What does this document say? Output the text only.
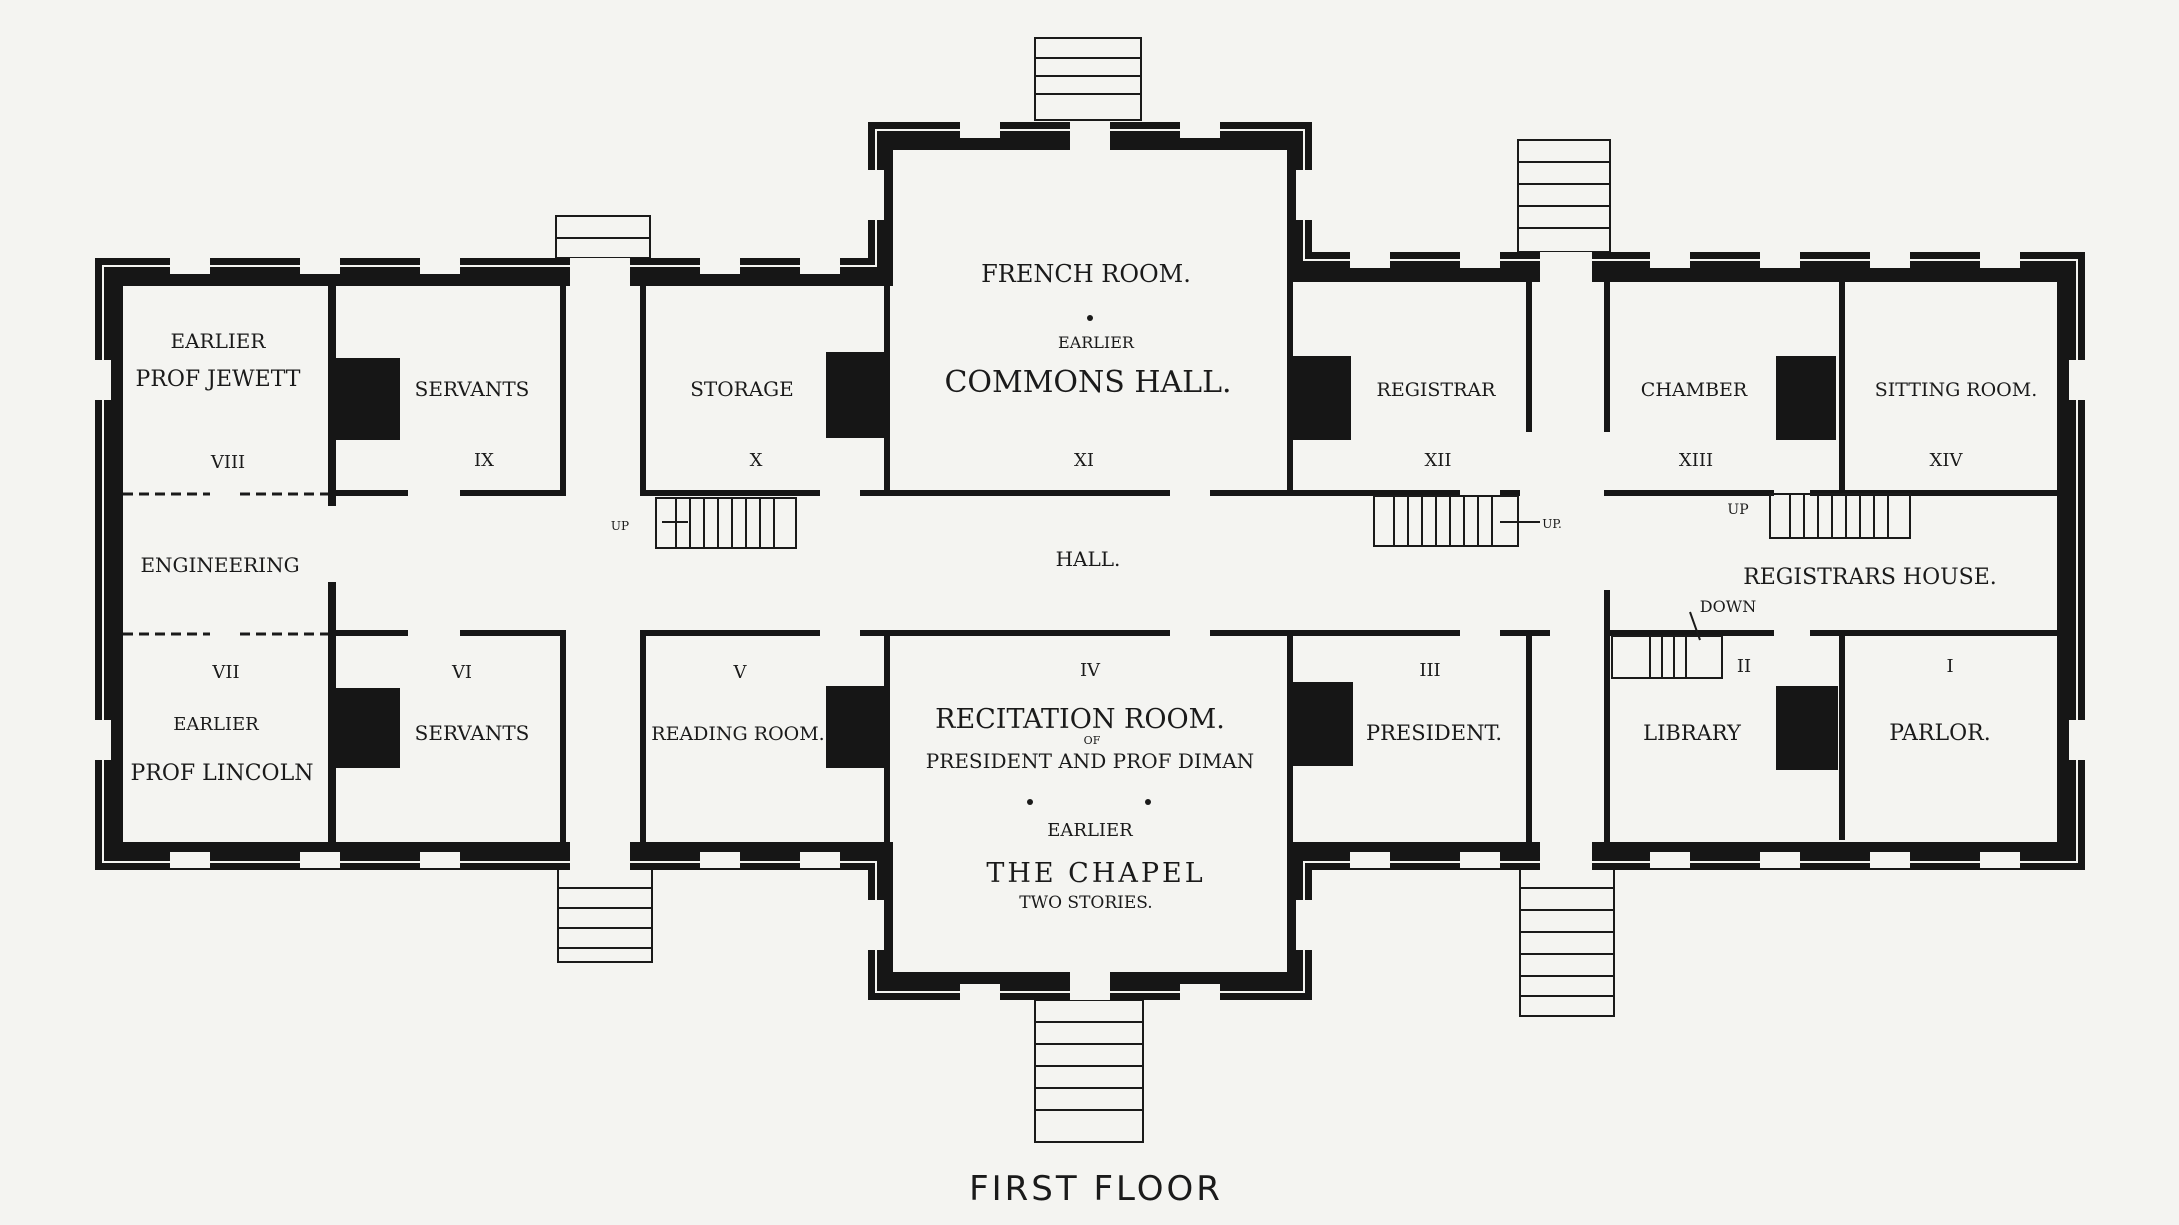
EARLIER
PROF JEWETT
VIII
SERVANTS
IX
STORAGE
X
FRENCH ROOM.
EARLIER
COMMONS HALL.
XI
REGISTRAR
XII
CHAMBER
XIII
SITTING ROOM.
XIV
ENGINEERING	HALL.
REGISTRARS HOUSE.
UP	UP.
UP
DOWN
VII
EARLIER
PROF LINCOLN
VI
SERVANTS
V
READING ROOM.
IV
RECITATION ROOM.
OF
PRESIDENT AND PROF DIMAN
EARLIER
THE CHAPEL
TWO STORIES.
III
PRESIDENT.
II
LIBRARY
I
PARLOR.
FIRST FLOOR
